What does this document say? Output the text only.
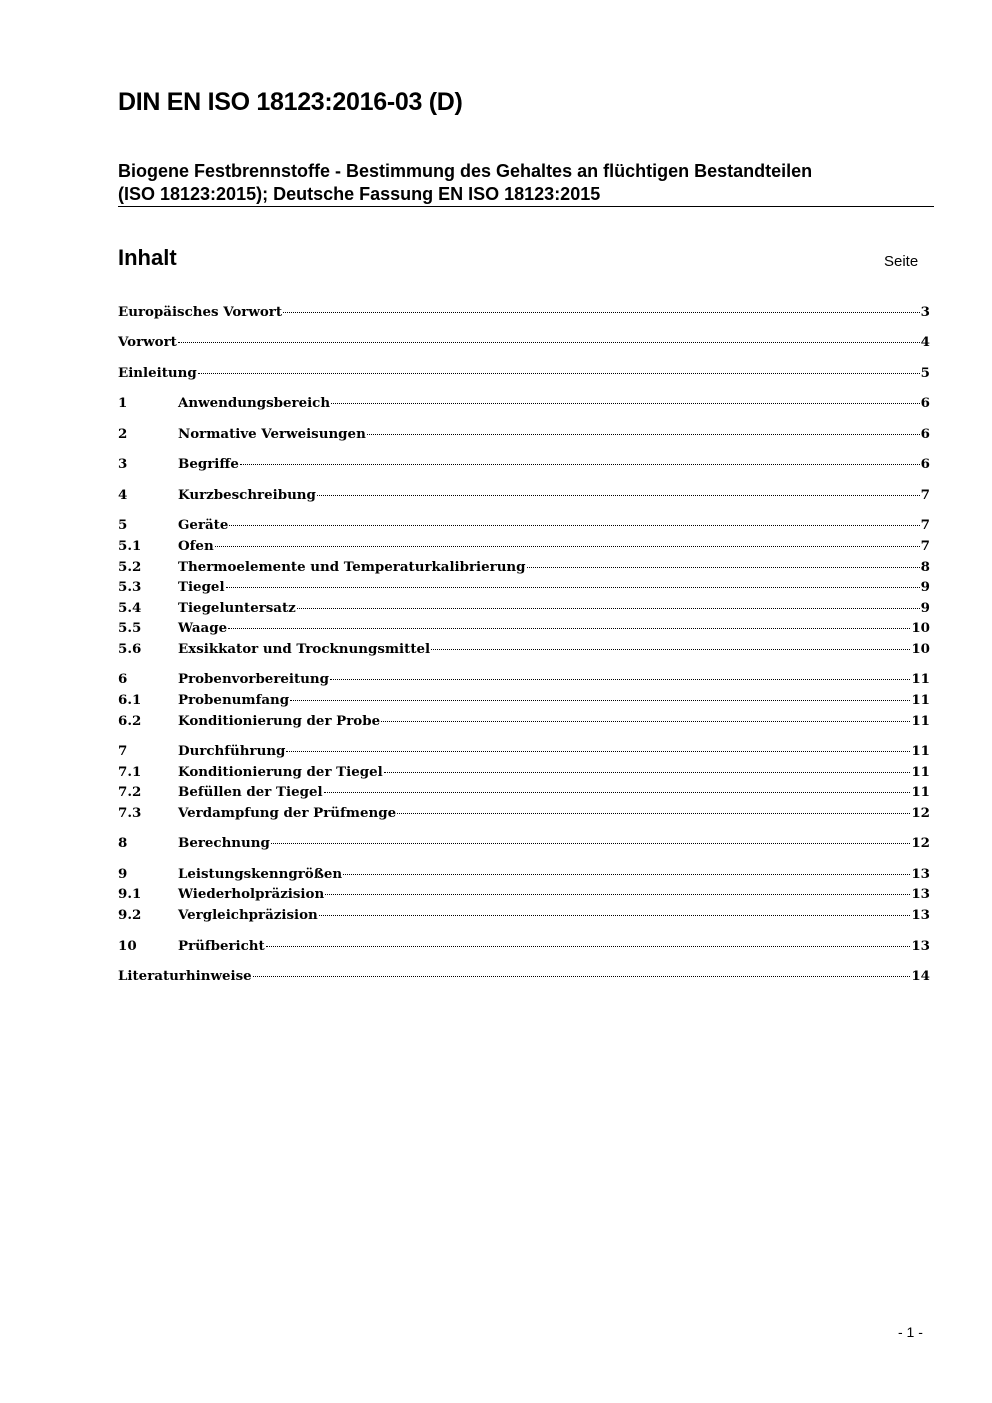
DIN EN ISO 18123:2016-03 (D)
Biogene Festbrennstoffe - Bestimmung des Gehaltes an flüchtigen Bestandteilen
(ISO 18123:2015); Deutsche Fassung EN ISO 18123:2015
Inhalt	Seite
Europäisches Vorwort	3
Vorwort	4
Einleitung	5
1	Anwendungsbereich	6
2	Normative Verweisungen	6
3	Begriffe	6
4	Kurzbeschreibung	7
5	Geräte	7
5.1	Ofen	7
5.2	Thermoelemente und Temperaturkalibrierung	8
5.3	Tiegel	9
5.4	Tiegeluntersatz	9
5.5	Waage	10
5.6	Exsikkator und Trocknungsmittel	10
6	Probenvorbereitung	11
6.1	Probenumfang	11
6.2	Konditionierung der Probe	11
7	Durchführung	11
7.1	Konditionierung der Tiegel	11
7.2	Befüllen der Tiegel	11
7.3	Verdampfung der Prüfmenge	12
8	Berechnung	12
9	Leistungskenngrößen	13
9.1	Wiederholpräzision	13
9.2	Vergleichpräzision	13
10	Prüfbericht	13
Literaturhinweise	14
- 1 -
